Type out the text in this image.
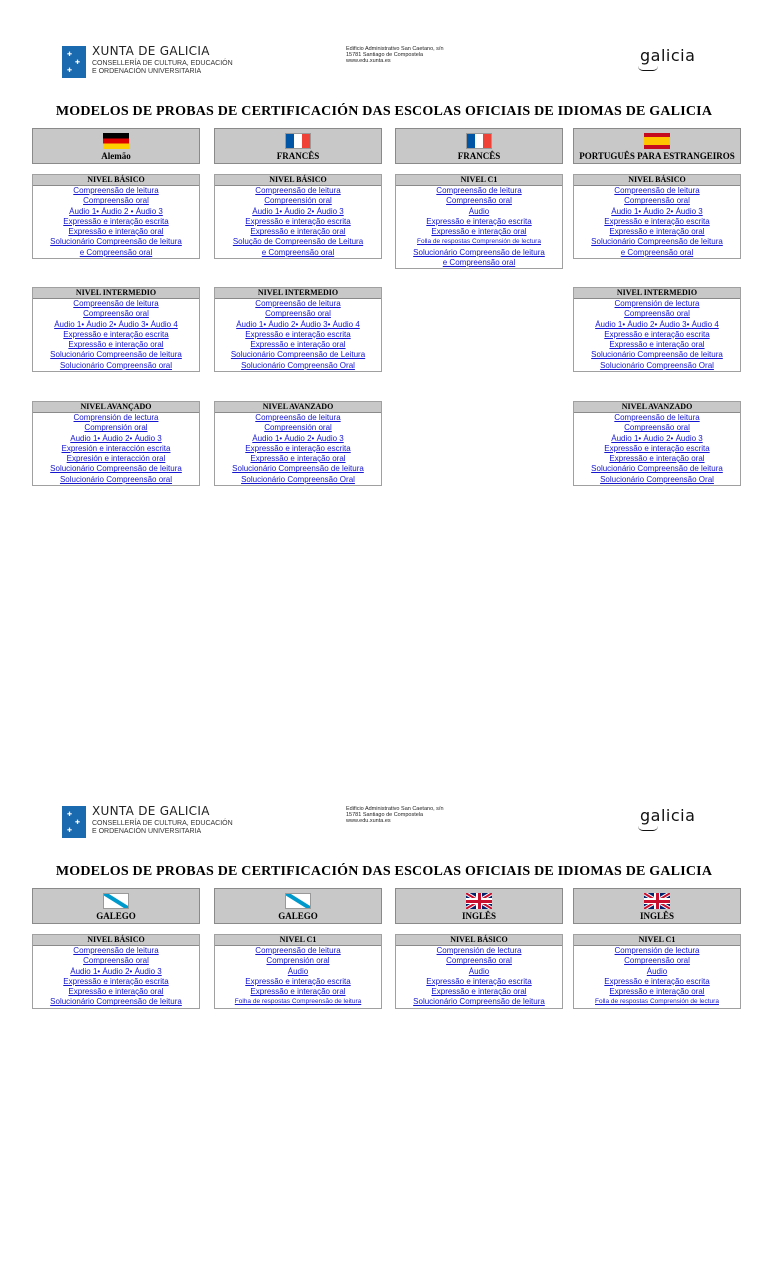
✚
✚
✚
XUNTA DE GALICIA
CONSELLERÍA DE CULTURA, EDUCACIÓN
E ORDENACIÓN UNIVERSITARIA
Edificio Administrativo San Caetano, s/n
15781 Santiago de Compostela
www.edu.xunta.es	galicia
MODELOS DE PROBAS DE CERTIFICACIÓN DAS ESCOLAS OFICIAIS DE IDIOMAS DE GALICIA
Alemão
NIVEL BÁSICO
Compreensão de leitura
Compreensão oral
Áudio 1• Áudio 2 • Áudio 3
Expressão e interação escrita
Expressão e interação oral
Solucionário Compreensão de leitura
e Compreensão oral
NIVEL INTERMEDIO
Compreensão de leitura
Compreensão oral
Áudio 1• Áudio 2• Áudio 3• Áudio 4
Expressão e interação escrita
Expressão e interação oral
Solucionário Compreensão de leitura
Solucionário Compreensão oral
NIVEL AVANÇADO
Comprensión de lectura
Comprensión oral
Audio 1• Áudio 2• Áudio 3
Expresión e interacción escrita
Expresión e interacción oral
Solucionário Compreensão de leitura
Solucionário Compreensão oral
FRANCÊS
NIVEL BÁSICO
Compreensão de leitura
Compreensión oral
Áudio 1• Áudio 2• Áudio 3
Expressão e interação escrita
Expressão e interação oral
Solução de Compreensão de Leitura
e Compreensão oral
NIVEL INTERMEDIO
Compreensão de leitura
Compreensão oral
Áudio 1• Áudio 2• Áudio 3• Áudio 4
Expressão e interação escrita
Expressão e interação oral
Solucionário Compreensão de Leitura
Solucionário Compreensão Oral
NIVEL AVANZADO
Compreensão de leitura
Compreensión oral
Áudio 1• Áudio 2• Áudio 3
Expressão e interação escrita
Expressão e interação oral
Solucionário Compreensão de leitura
Solucionário Compreensão Oral
FRANCÊS
NIVEL C1
Compreensão de leitura
Compreensão oral
Áudio
Expressão e interação escrita
Expressão e interação oral
Folla de respostas Comprensión de lectura
Solucionário Compreensão de leitura
e Compreensão oral
PORTUGUÊS PARA ESTRANGEIROS
NIVEL BÁSICO
Compreensão de leitura
Compreensão oral
Áudio 1• Áudio 2• Áudio 3
Expressão e interação escrita
Expressão e interação oral
Solucionário Compreensão de leitura
e Compreensão oral
NIVEL INTERMEDIO
Comprensión de lectura
Compreensão oral
Áudio 1• Áudio 2• Áudio 3• Áudio 4
Expressão e interação escrita
Expressão e interação oral
Solucionário Compreensão de leitura
Solucionário Compreensão Oral
NIVEL AVANZADO
Compreensão de leitura
Compreensão oral
Áudio 1• Áudio 2• Áudio 3
Expressão e interação escrita
Expressão e interação oral
Solucionário Compreensão de leitura
Solucionário Compreensão Oral
✚
✚
✚
XUNTA DE GALICIA
CONSELLERÍA DE CULTURA, EDUCACIÓN
E ORDENACIÓN UNIVERSITARIA
Edificio Administrativo San Caetano, s/n
15781 Santiago de Compostela
www.edu.xunta.es	galicia
MODELOS DE PROBAS DE CERTIFICACIÓN DAS ESCOLAS OFICIAIS DE IDIOMAS DE GALICIA
GALEGO
NIVEL BÁSICO
Compreensão de leitura
Compreensão oral
Áudio 1• Áudio 2• Áudio 3
Expressão e interação escrita
Expressão e interação oral
Solucionário Compreensão de leitura
GALEGO
NIVEL C1
Compreensão de leitura
Comprensión oral
Áudio
Expressão e interação escrita
Expressão e interação oral
Folha de respostas Compreensão de leitura
INGLÊS
NIVEL BÁSICO
Comprensión de lectura
Compreensão oral
Áudio
Expressão e interação escrita
Expressão e interação oral
Solucionário Compreensão de leitura
INGLÊS
NIVEL C1
Comprensión de lectura
Compreensão oral
Áudio
Expressão e interação escrita
Expressão e interação oral
Folla de respostas Comprensión de lectura
